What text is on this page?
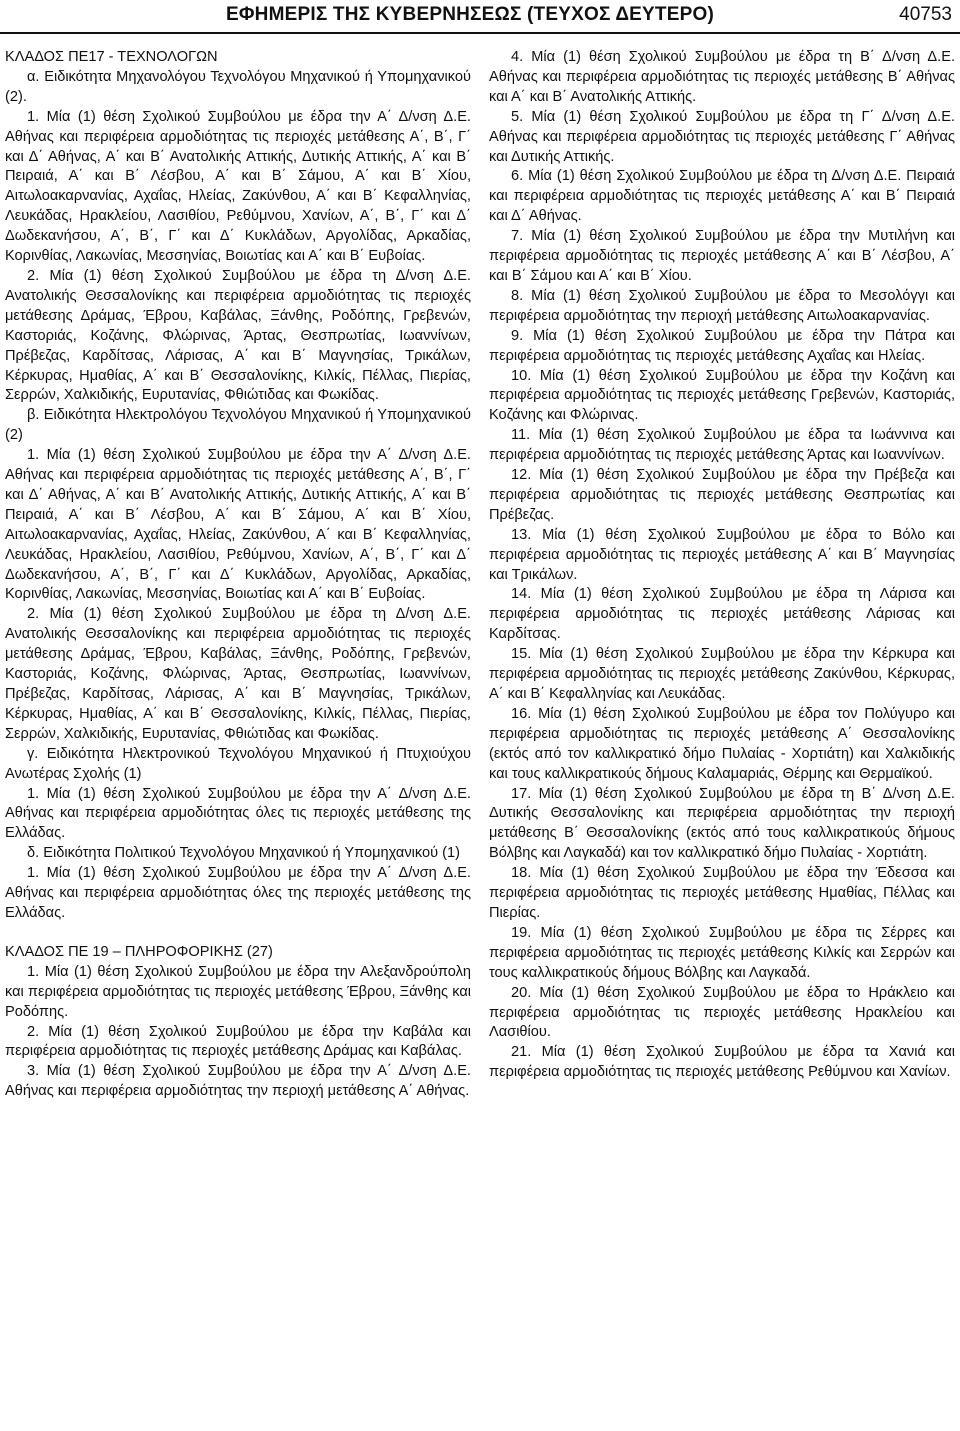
ΕΦΗΜΕΡΙΣ ΤΗΣ ΚΥΒΕΡΝΗΣΕΩΣ (ΤΕΥΧΟΣ ΔΕΥΤΕΡΟ)	40753

ΚΛΑΔΟΣ ΠΕ17 - ΤΕΧΝΟΛΟΓΩΝ

α. Ειδικότητα Μηχανολόγου Τεχνολόγου Μηχανικού ή Υπομηχανικού (2).

1. Μία (1) θέση Σχολικού Συμβούλου με έδρα την Α΄ Δ/νση Δ.Ε. Αθήνας και περιφέρεια αρμοδιότητας τις περιοχές μετάθεσης Α΄, Β΄, Γ΄ και Δ΄ Αθήνας, Α΄ και Β΄ Ανατολικής Αττικής, Δυτικής Αττικής, Α΄ και Β΄ Πειραιά, Α΄ και Β΄ Λέσβου, Α΄ και Β΄ Σάμου, Α΄ και Β΄ Χίου, Αιτωλοακαρνανίας, Αχαΐας, Ηλείας, Ζακύνθου, Α΄ και Β΄ Κεφαλληνίας, Λευκάδας, Ηρακλείου, Λασιθίου, Ρεθύμνου, Χανίων, Α΄, Β΄, Γ΄ και Δ΄ Δωδεκανήσου, Α΄, Β΄, Γ΄ και Δ΄ Κυκλάδων, Αργολίδας, Αρκαδίας, Κορινθίας, Λακωνίας, Μεσσηνίας, Βοιωτίας και Α΄ και Β΄ Ευβοίας.

2. Μία (1) θέση Σχολικού Συμβούλου με έδρα τη Δ/νση Δ.Ε. Ανατολικής Θεσσαλονίκης και περιφέρεια αρμοδιότητας τις περιοχές μετάθεσης Δράμας, Έβρου, Καβάλας, Ξάνθης, Ροδόπης, Γρεβενών, Καστοριάς, Κοζάνης, Φλώρινας, Άρτας, Θεσπρωτίας, Ιωαννίνων, Πρέβεζας, Καρδίτσας, Λάρισας, Α΄ και Β΄ Μαγνησίας, Τρικάλων, Κέρκυρας, Ημαθίας, Α΄ και Β΄ Θεσσαλονίκης, Κιλκίς, Πέλλας, Πιερίας, Σερρών, Χαλκιδικής, Ευρυτανίας, Φθιώτιδας και Φωκίδας.

β. Ειδικότητα Ηλεκτρολόγου Τεχνολόγου Μηχανικού ή Υπομηχανικού (2)

1. Μία (1) θέση Σχολικού Συμβούλου με έδρα την Α΄ Δ/νση Δ.Ε. Αθήνας και περιφέρεια αρμοδιότητας τις περιοχές μετάθεσης Α΄, Β΄, Γ΄ και Δ΄ Αθήνας, Α΄ και Β΄ Ανατολικής Αττικής, Δυτικής Αττικής, Α΄ και Β΄ Πειραιά, Α΄ και Β΄ Λέσβου, Α΄ και Β΄ Σάμου, Α΄ και Β΄ Χίου, Αιτωλοακαρνανίας, Αχαΐας, Ηλείας, Ζακύνθου, Α΄ και Β΄ Κεφαλληνίας, Λευκάδας, Ηρακλείου, Λασιθίου, Ρεθύμνου, Χανίων, Α΄, Β΄, Γ΄ και Δ΄ Δωδεκανήσου, Α΄, Β΄, Γ΄ και Δ΄ Κυκλάδων, Αργολίδας, Αρκαδίας, Κορινθίας, Λακωνίας, Μεσσηνίας, Βοιωτίας και Α΄ και Β΄ Ευβοίας.

2. Μία (1) θέση Σχολικού Συμβούλου με έδρα τη Δ/νση Δ.Ε. Ανατολικής Θεσσαλονίκης και περιφέρεια αρμοδιότητας τις περιοχές μετάθεσης Δράμας, Έβρου, Καβάλας, Ξάνθης, Ροδόπης, Γρεβενών, Καστοριάς, Κοζάνης, Φλώρινας, Άρτας, Θεσπρωτίας, Ιωαννίνων, Πρέβεζας, Καρδίτσας, Λάρισας, Α΄ και Β΄ Μαγνησίας, Τρικάλων, Κέρκυρας, Ημαθίας, Α΄ και Β΄ Θεσσαλονίκης, Κιλκίς, Πέλλας, Πιερίας, Σερρών, Χαλκιδικής, Ευρυτανίας, Φθιώτιδας και Φωκίδας.

γ. Ειδικότητα Ηλεκτρονικού Τεχνολόγου Μηχανικού ή Πτυχιούχου Ανωτέρας Σχολής (1)

1. Μία (1) θέση Σχολικού Συμβούλου με έδρα την Α΄ Δ/νση Δ.Ε. Αθήνας και περιφέρεια αρμοδιότητας όλες τις περιοχές μετάθεσης της Ελλάδας.

δ. Ειδικότητα Πολιτικού Τεχνολόγου Μηχανικού ή Υπομηχανικού (1)

1. Μία (1) θέση Σχολικού Συμβούλου με έδρα την Α΄ Δ/νση Δ.Ε. Αθήνας και περιφέρεια αρμοδιότητας όλες της περιοχές μετάθεσης της Ελλάδας.

ΚΛΑΔΟΣ ΠΕ 19 – ΠΛΗΡΟΦΟΡΙΚΗΣ (27)

1. Μία (1) θέση Σχολικού Συμβούλου με έδρα την Αλεξανδρούπολη και περιφέρεια αρμοδιότητας τις περιοχές μετάθεσης Έβρου, Ξάνθης και Ροδόπης.

2. Μία (1) θέση Σχολικού Συμβούλου με έδρα την Καβάλα και περιφέρεια αρμοδιότητας τις περιοχές μετάθεσης Δράμας και Καβάλας.

3. Μία (1) θέση Σχολικού Συμβούλου με έδρα την Α΄ Δ/νση Δ.Ε. Αθήνας και περιφέρεια αρμοδιότητας την περιοχή μετάθεσης Α΄ Αθήνας.

4. Μία (1) θέση Σχολικού Συμβούλου με έδρα τη Β΄ Δ/νση Δ.Ε. Αθήνας και περιφέρεια αρμοδιότητας τις περιοχές μετάθεσης Β΄ Αθήνας και Α΄ και Β΄ Ανατολικής Αττικής.

5. Μία (1) θέση Σχολικού Συμβούλου με έδρα τη Γ΄ Δ/νση Δ.Ε. Αθήνας και περιφέρεια αρμοδιότητας τις περιοχές μετάθεσης Γ΄ Αθήνας και Δυτικής Αττικής.

6. Μία (1) θέση Σχολικού Συμβούλου με έδρα τη Δ/νση Δ.Ε. Πειραιά και περιφέρεια αρμοδιότητας τις περιοχές μετάθεσης Α΄ και Β΄ Πειραιά και Δ΄ Αθήνας.

7. Μία (1) θέση Σχολικού Συμβούλου με έδρα την Μυτιλήνη και περιφέρεια αρμοδιότητας τις περιοχές μετάθεσης Α΄ και Β΄ Λέσβου, Α΄ και Β΄ Σάμου και Α΄ και Β΄ Χίου.

8. Μία (1) θέση Σχολικού Συμβούλου με έδρα το Μεσολόγγι και περιφέρεια αρμοδιότητας την περιοχή μετάθεσης Αιτωλοακαρνανίας.

9. Μία (1) θέση Σχολικού Συμβούλου με έδρα την Πάτρα και περιφέρεια αρμοδιότητας τις περιοχές μετάθεσης Αχαΐας και Ηλείας.

10. Μία (1) θέση Σχολικού Συμβούλου με έδρα την Κοζάνη και περιφέρεια αρμοδιότητας τις περιοχές μετάθεσης Γρεβενών, Καστοριάς, Κοζάνης και Φλώρινας.

11. Μία (1) θέση Σχολικού Συμβούλου με έδρα τα Ιωάννινα και περιφέρεια αρμοδιότητας τις περιοχές μετάθεσης Άρτας και Ιωαννίνων.

12. Μία (1) θέση Σχολικού Συμβούλου με έδρα την Πρέβεζα και περιφέρεια αρμοδιότητας τις περιοχές μετάθεσης Θεσπρωτίας και Πρέβεζας.

13. Μία (1) θέση Σχολικού Συμβούλου με έδρα το Βόλο και περιφέρεια αρμοδιότητας τις περιοχές μετάθεσης Α΄ και Β΄ Μαγνησίας και Τρικάλων.

14. Μία (1) θέση Σχολικού Συμβούλου με έδρα τη Λάρισα και περιφέρεια αρμοδιότητας τις περιοχές μετάθεσης Λάρισας και Καρδίτσας.

15. Μία (1) θέση Σχολικού Συμβούλου με έδρα την Κέρκυρα και περιφέρεια αρμοδιότητας τις περιοχές μετάθεσης Ζακύνθου, Κέρκυρας, Α΄ και Β΄ Κεφαλληνίας και Λευκάδας.

16. Μία (1) θέση Σχολικού Συμβούλου με έδρα τον Πολύγυρο και περιφέρεια αρμοδιότητας τις περιοχές μετάθεσης Α΄ Θεσσαλονίκης (εκτός από τον καλλικρατικό δήμο Πυλαίας - Χορτιάτη) και Χαλκιδικής και τους καλλικρατικούς δήμους Καλαμαριάς, Θέρμης και Θερμαϊκού.

17. Μία (1) θέση Σχολικού Συμβούλου με έδρα τη Β΄ Δ/νση Δ.Ε. Δυτικής Θεσσαλονίκης και περιφέρεια αρμοδιότητας την περιοχή μετάθεσης Β΄ Θεσσαλονίκης (εκτός από τους καλλικρατικούς δήμους Βόλβης και Λαγκαδά) και τον καλλικρατικό δήμο Πυλαίας - Χορτιάτη.

18. Μία (1) θέση Σχολικού Συμβούλου με έδρα την Έδεσσα και περιφέρεια αρμοδιότητας τις περιοχές μετάθεσης Ημαθίας, Πέλλας και Πιερίας.

19. Μία (1) θέση Σχολικού Συμβούλου με έδρα τις Σέρρες και περιφέρεια αρμοδιότητας τις περιοχές μετάθεσης Κιλκίς και Σερρών και τους καλλικρατικούς δήμους Βόλβης και Λαγκαδά.

20. Μία (1) θέση Σχολικού Συμβούλου με έδρα το Ηράκλειο και περιφέρεια αρμοδιότητας τις περιοχές μετάθεσης Ηρακλείου και Λασιθίου.

21. Μία (1) θέση Σχολικού Συμβούλου με έδρα τα Χανιά και περιφέρεια αρμοδιότητας τις περιοχές μετάθεσης Ρεθύμνου και Χανίων.
